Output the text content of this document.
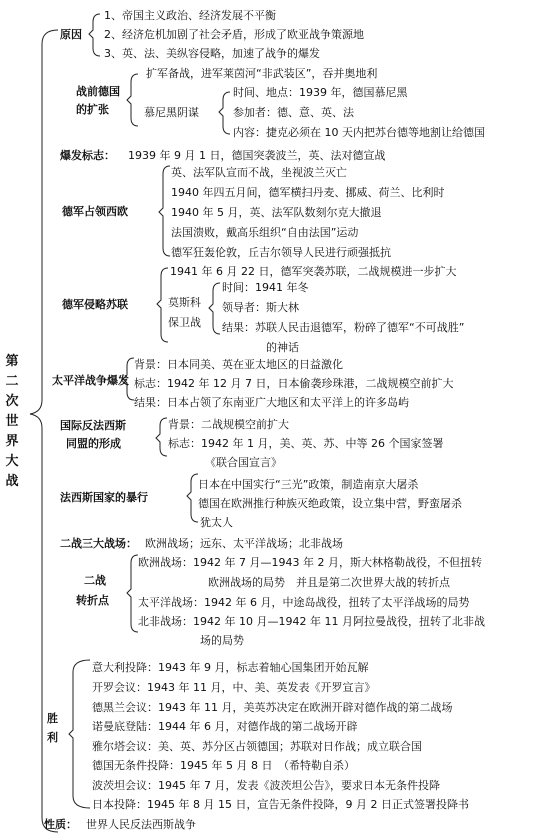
第
二
次
世
界
大
战
原因
1、帝国主义政治、经济发展不平衡
2、经济危机加剧了社会矛盾，形成了欧亚战争策源地
3、英、法、美纵容侵略，加速了战争的爆发
战前德国
的扩张
扩军备战，进军莱茵河“非武装区”，吞并奥地利
慕尼黑阴谋
时间、地点：1939 年，德国慕尼黑
参加者：德、意、英、法
内容：捷克必须在 10 天内把苏台德等地割让给德国
爆发标志： 1939 年 9 月 1 日，德国突袭波兰，英、法对德宣战
德军占领西欧
英、法军队宣而不战，坐视波兰灭亡
1940 年四五月间，德军横扫丹麦、挪威、荷兰、比利时
1940 年 5 月，英、法军队数刻尔克大撤退
法国溃败，戴高乐组织“自由法国”运动
德军狂轰伦敦，丘吉尔领导人民进行顽强抵抗
德军侵略苏联
1941 年 6 月 22 日，德军突袭苏联，二战规模进一步扩大
莫斯科
保卫战
时间：1941 年冬
领导者：斯大林
结果：苏联人民击退德军，粉碎了德军“不可战胜”
的神话
太平洋战争爆发
背景：日本同美、英在亚太地区的日益激化
标志：1942 年 12 月 7 日，日本偷袭珍珠港，二战规模空前扩大
结果：日本占领了东南亚广大地区和太平洋上的许多岛屿
国际反法西斯
同盟的形成
背景：二战规模空前扩大
标志：1942 年 1 月，美、英、苏、中等 26 个国家签署
《联合国宣言》
法西斯国家的暴行
日本在中国实行“三光”政策，制造南京大屠杀
德国在欧洲推行种族灭绝政策，设立集中营，野蛮屠杀
犹太人
二战三大战场： 欧洲战场；远东、太平洋战场；北非战场
二战
转折点
欧洲战场：1942 年 7 月—1943 年 2 月，斯大林格勒战役，不但扭转
欧洲战场的局势　并且是第二次世界大战的转折点
太平洋战场：1942 年 6 月，中途岛战役，扭转了太平洋战场的局势
北非战场：1942 年 10 月—1942 年 11 月阿拉曼战役，扭转了北非战
场的局势
胜
利
意大利投降：1943 年 9 月，标志着轴心国集团开始瓦解
开罗会议：1943 年 11 月，中、美、英发表《开罗宣言》
德黑兰会议：1943 年 11 月，美英苏决定在欧洲开辟对德作战的第二战场
诺曼底登陆：1944 年 6 月，对德作战的第二战场开辟
雅尔塔会议：美、英、苏分区占领德国；苏联对日作战；成立联合国
德国无条件投降：1945 年 5 月 8 日　（希特勒自杀）
波茨坦会议：1945 年 7 月，发表《波茨坦公告》，要求日本无条件投降
日本投降：1945 年 8 月 15 日，宣告无条件投降，9 月 2 日正式签署投降书
性质： 世界人民反法西斯战争
